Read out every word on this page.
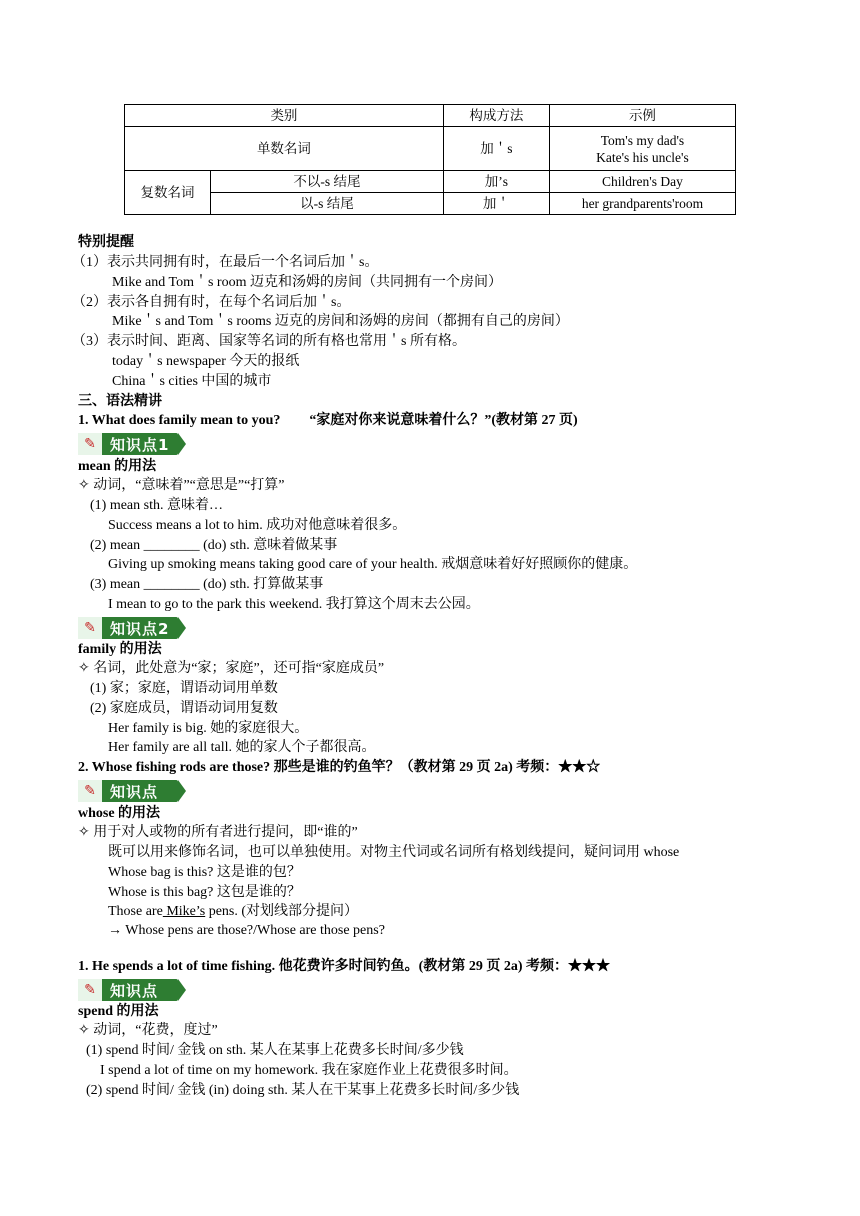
类别		构成方法	示例
单数名词		加＇s	Tom's my dad's
Kate's his uncle's

复数名词	不以-s 结尾	加’s	Children's Day
	以-s 结尾	加＇	her grandparents'room
特别提醒
（1）表示共同拥有时，在最后一个名词后加＇s。
Mike and Tom＇s room 迈克和汤姆的房间（共同拥有一个房间）
（2）表示各自拥有时，在每个名词后加＇s。
Mike＇s and Tom＇s rooms 迈克的房间和汤姆的房间（都拥有自己的房间）
（3）表示时间、距离、国家等名词的所有格也常用＇s 所有格。
today＇s newspaper 今天的报纸
China＇s cities 中国的城市
三、语法精讲
1. What does family mean to you? “家庭对你来说意味着什么？”(教材第 27 页)
✎ 知识点1
mean 的用法
✧ 动词，“意味着”“意思是”“打算”
(1) mean sth. 意味着…
Success means a lot to him. 成功对他意味着很多。
(2) mean ________ (do) sth. 意味着做某事
Giving up smoking means taking good care of your health. 戒烟意味着好好照顾你的健康。
(3) mean ________ (do) sth. 打算做某事
I mean to go to the park this weekend. 我打算这个周末去公园。
✎ 知识点2
family 的用法
✧ 名词，此处意为“家；家庭”，还可指“家庭成员”
(1) 家；家庭，谓语动词用单数
(2) 家庭成员，谓语动词用复数
Her family is big. 她的家庭很大。
Her family are all tall. 她的家人个子都很高。
2. Whose fishing rods are those? 那些是谁的钓鱼竿？（教材第 29 页 2a) 考频：★★☆
✎ 知识点
whose 的用法
✧ 用于对人或物的所有者进行提问，即“谁的”
既可以用来修饰名词，也可以单独使用。对物主代词或名词所有格划线提问，疑问词用 whose
Whose bag is this? 这是谁的包？
Whose is this bag? 这包是谁的？
Those are Mike’s pens. (对划线部分提问）
→ Whose pens are those?/Whose are those pens?
1. He spends a lot of time fishing. 他花费许多时间钓鱼。(教材第 29 页 2a) 考频：★★★
✎ 知识点
spend 的用法
✧ 动词，“花费，度过”
(1) spend 时间/ 金钱 on sth. 某人在某事上花费多长时间/多少钱
I spend a lot of time on my homework. 我在家庭作业上花费很多时间。
(2) spend 时间/ 金钱 (in) doing sth. 某人在干某事上花费多长时间/多少钱
